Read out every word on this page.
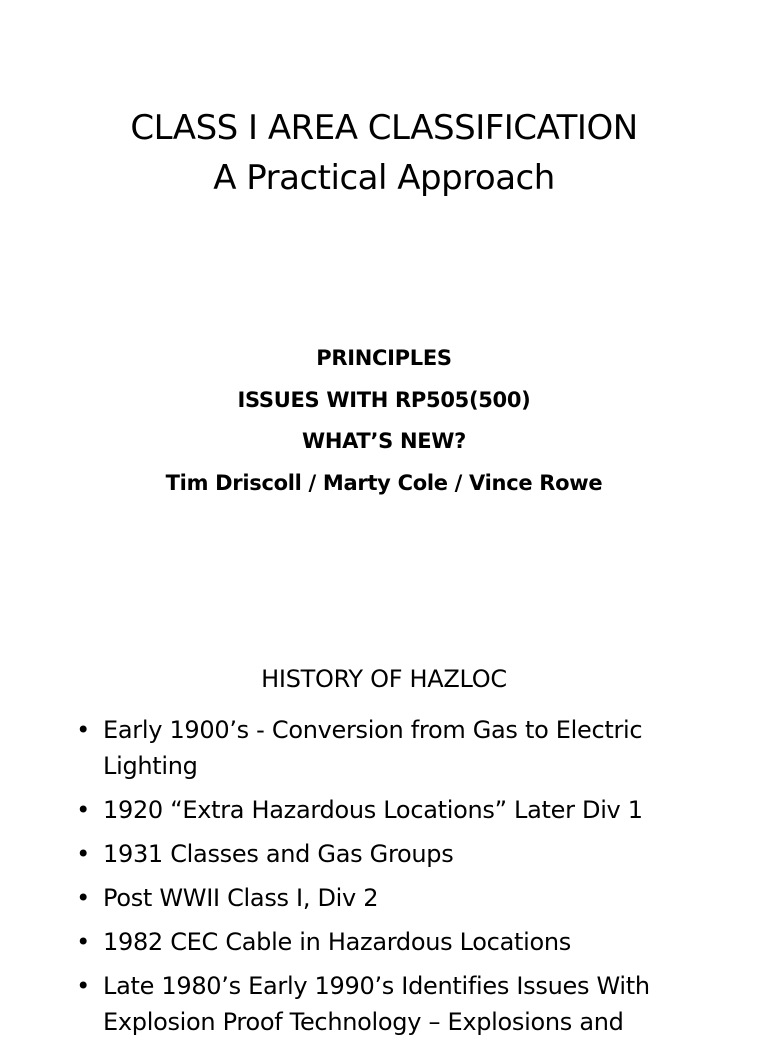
CLASS I AREA CLASSIFICATION
A Practical Approach
PRINCIPLES
ISSUES WITH RP505(500)
WHAT’S NEW?
Tim Driscoll / Marty Cole / Vince Rowe
HISTORY OF HAZLOC
• Early 1900’s - Conversion from Gas to Electric Lighting
• 1920 “Extra Hazardous Locations” Later Div 1
• 1931 Classes and Gas Groups
• Post WWII Class I, Div 2
• 1982 CEC Cable in Hazardous Locations
• Late 1980’s Early 1990’s Identifies Issues With Explosion Proof Technology – Explosions and
